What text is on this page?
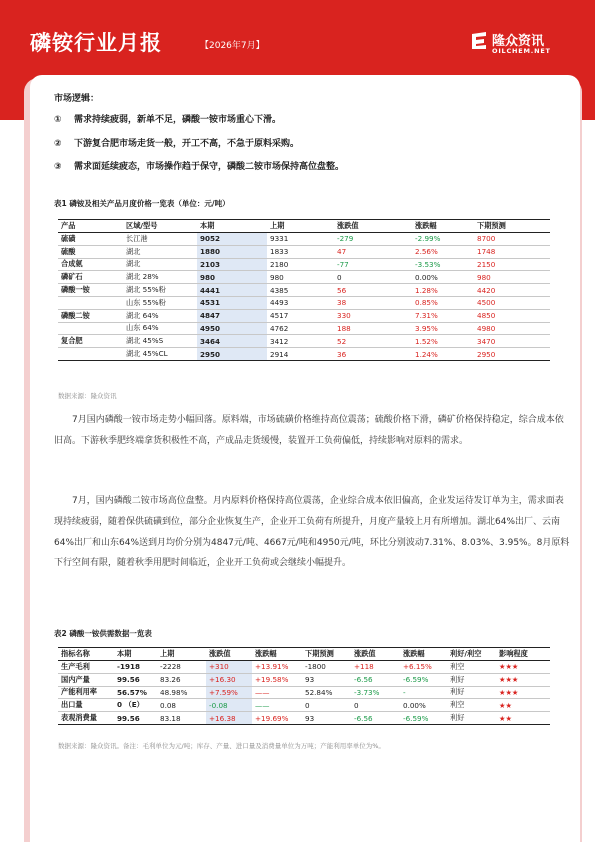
磷铵行业月报	【2026年7月】	隆众资讯
OILCHEM.NET
市场逻辑：
① 需求持续疲弱，新单不足，磷酸一铵市场重心下滑。
② 下游复合肥市场走货一般，开工不高，不急于原料采购。
③ 需求面延续疲态，市场操作趋于保守，磷酸二铵市场保持高位盘整。
表1 磷铵及相关产品月度价格一览表（单位：元/吨）
产品	区域/型号	本期	上期	涨跌值	涨跌幅	下期预测
硫磺	长江港	9052	9331	-279	-2.99%	8700
硫酸	湖北	1880	1833	47	2.56%	1748
合成氨	湖北	2103	2180	-77	-3.53%	2150
磷矿石	湖北 28%	980	980	0	0.00%	980
磷酸一铵	湖北 55%粉	4441	4385	56	1.28%	4420
	山东 55%粉	4531	4493	38	0.85%	4500
磷酸二铵	湖北 64%	4847	4517	330	7.31%	4850
	山东 64%	4950	4762	188	3.95%	4980
复合肥	湖北 45%S	3464	3412	52	1.52%	3470
	湖北 45%CL	2950	2914	36	1.24%	2950
数据来源：隆众资讯

7月国内磷酸一铵市场走势小幅回落。原料端，市场硫磺价格维持高位震荡；硫酸价格下滑，磷矿价格保持稳定，综合成本依旧高。下游秋季肥终端拿货积极性不高，产成品走货缓慢，装置开工负荷偏低，持续影响对原料的需求。

7月，国内磷酸二铵市场高位盘整。月内原料价格保持高位震荡，企业综合成本依旧偏高，企业发运待发订单为主，需求面表现持续疲弱，随着保供硫磺到位，部分企业恢复生产，企业开工负荷有所提升，月度产量较上月有所增加。湖北64%出厂、云南64%出厂和山东64%送到月均价分别为4847元/吨、4667元/吨和4950元/吨，环比分别波动7.31%、8.03%、3.95%。8月原料下行空间有限，随着秋季用肥时间临近，企业开工负荷或会继续小幅提升。

表2 磷酸一铵供需数据一览表
指标名称	本期	上期	涨跌值	涨跌幅	下期预测	涨跌值	涨跌幅	利好/利空	影响程度
生产毛利	-1918	-2228	+310	+13.91%	-1800	+118	+6.15%	利空	★★★
国内产量	99.56	83.26	+16.30	+19.58%	93	-6.56	-6.59%	利好	★★★
产能利用率	56.57%	48.98%	+7.59%	——	52.84%	-3.73%	-	利好	★★★
出口量	0 （E）	0.08	-0.08	——	0	0	0.00%	利空	★★
表观消费量	99.56	83.18	+16.38	+19.69%	93	-6.56	-6.59%	利好	★★
数据来源：隆众资讯。备注：毛利单位为元/吨；库存、产量、进口量及消费量单位为万吨；产能利用率单位为%。
